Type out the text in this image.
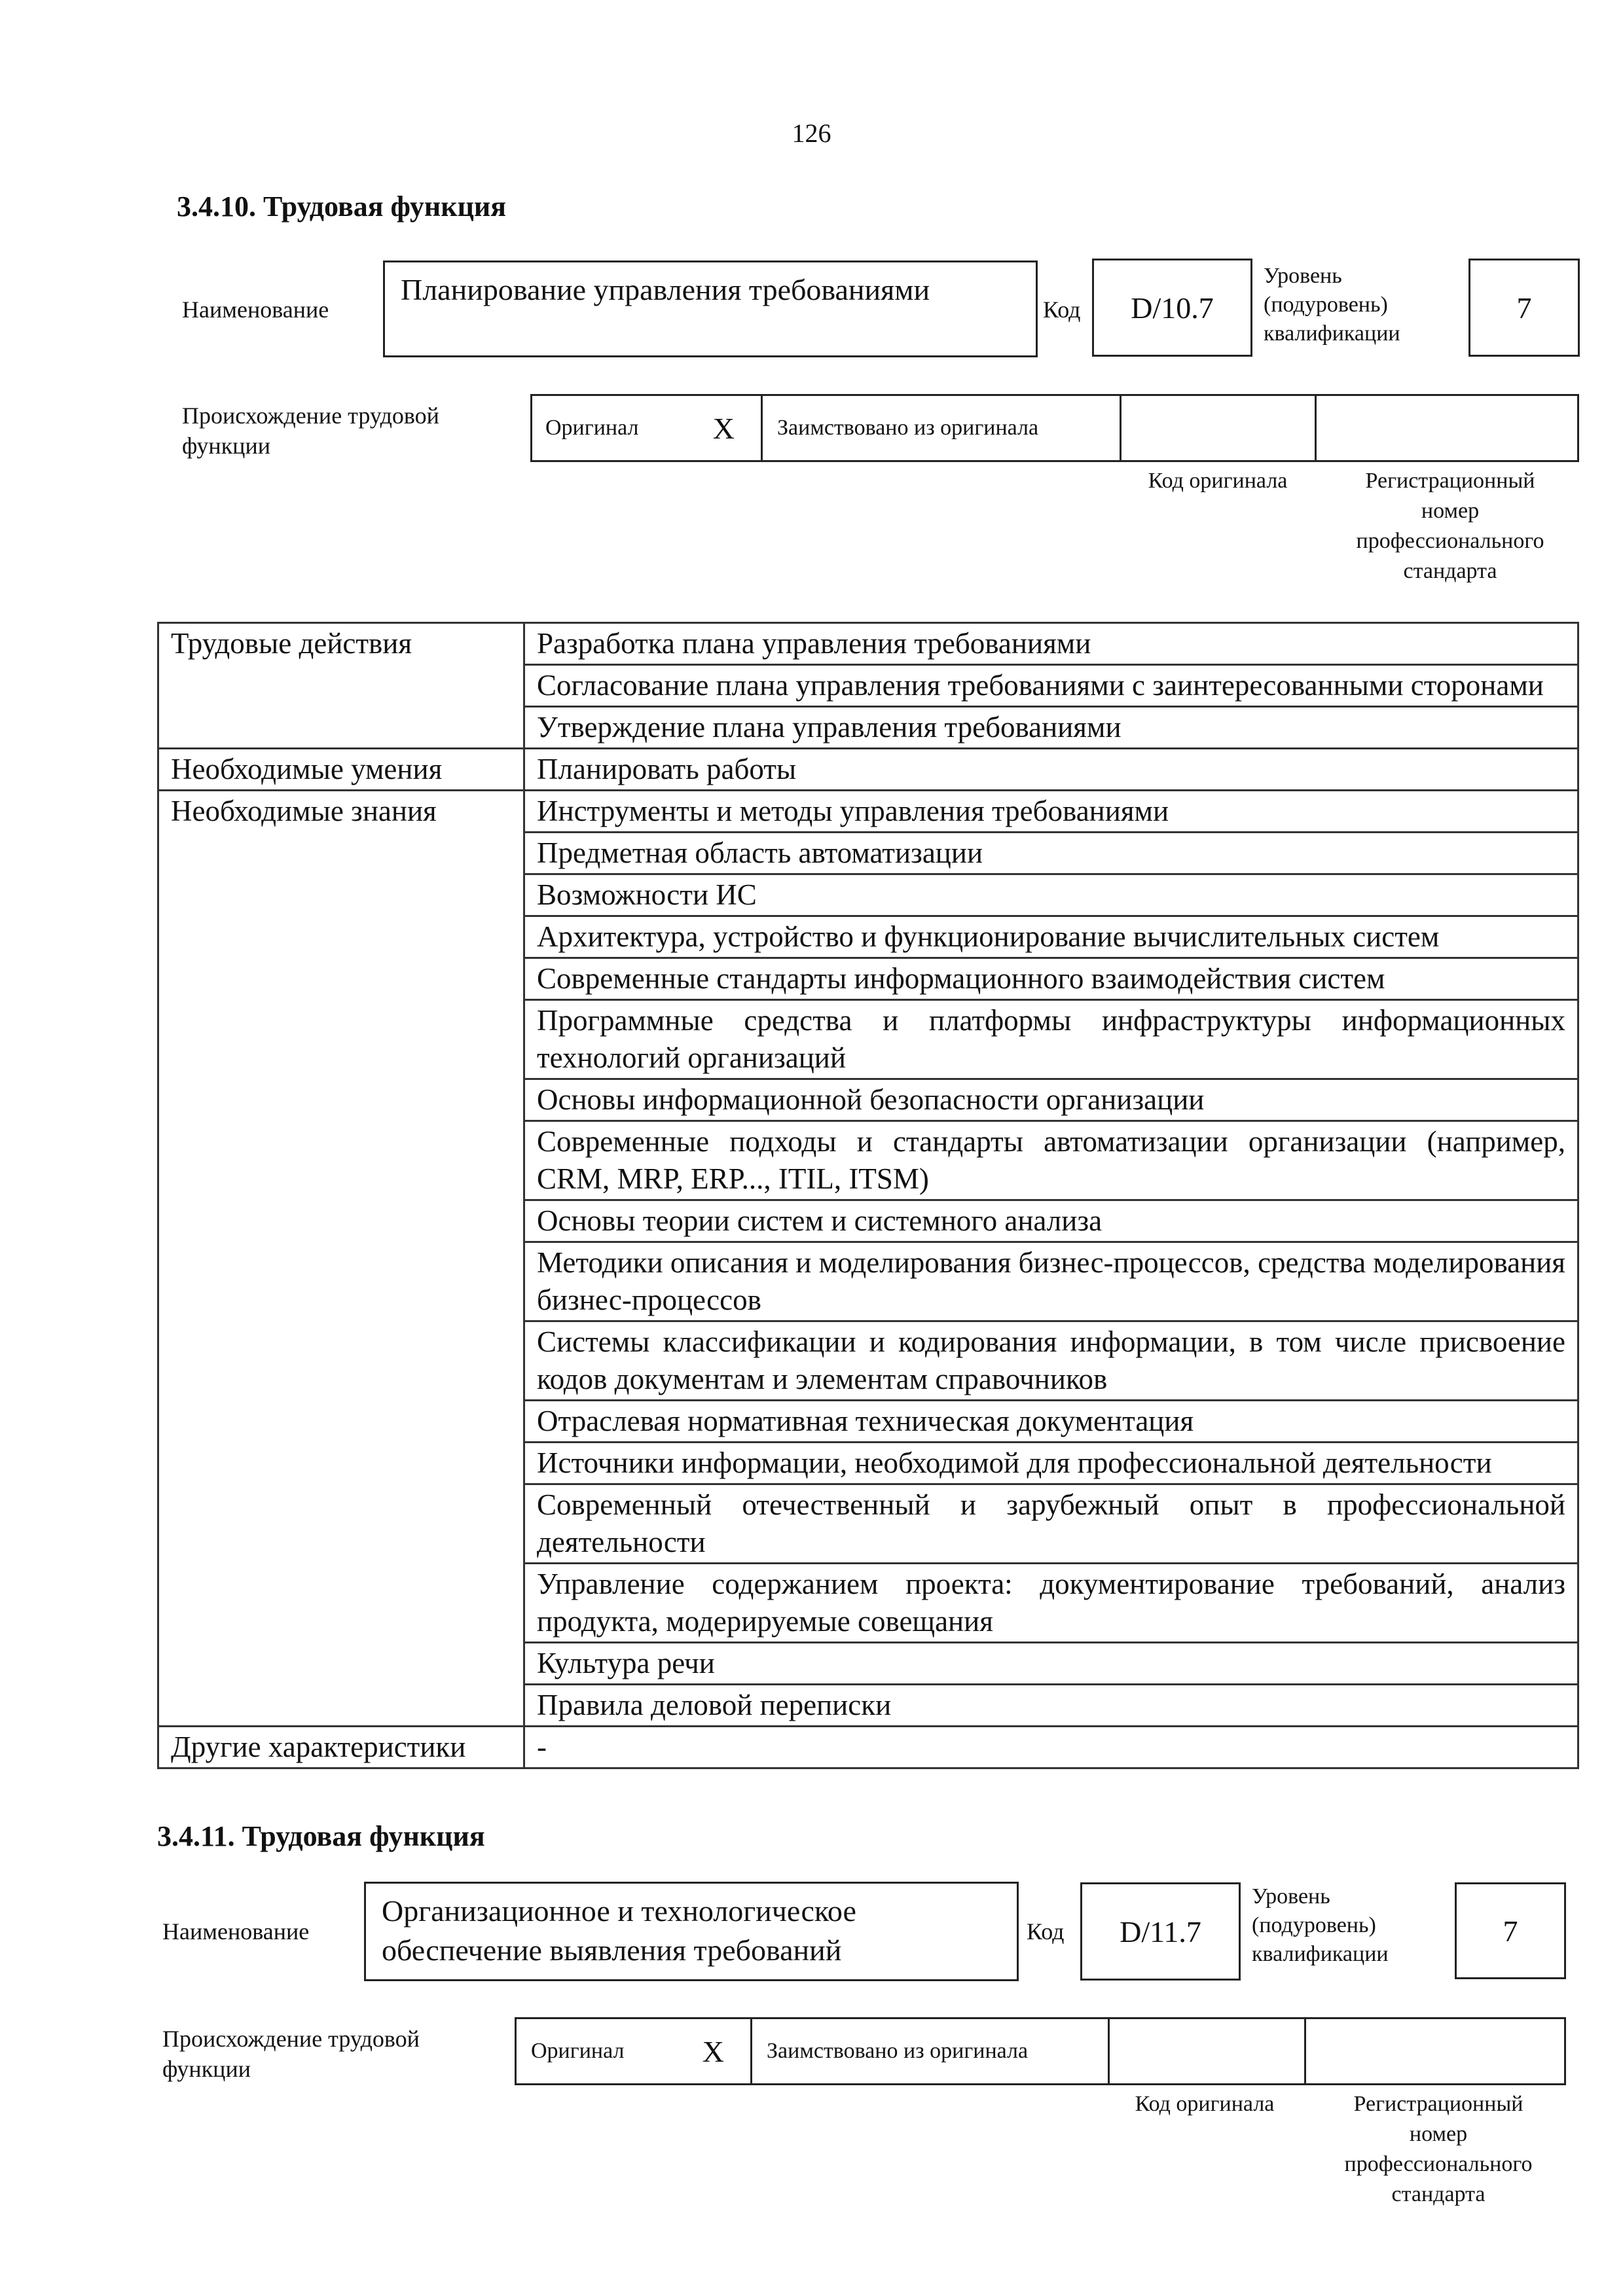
126
3.4.10. Трудовая функция
Наименование
Планирование управления требованиями
Код	D/10.7
Уровень (подуровень) квалификации
7
Происхождение трудовой функции
Оригинал X	Заимствовано из оригинала
Код оригинала	Регистрационный номер профессионального стандарта
Трудовые действия	Разработка плана управления требованиями
	Согласование плана управления требованиями с заинтересованными сторонами
	Утверждение плана управления требованиями
Необходимые умения	Планировать работы
Необходимые знания	Инструменты и методы управления требованиями
	Предметная область автоматизации
	Возможности ИС
	Архитектура, устройство и функционирование вычислительных систем
	Современные стандарты информационного взаимодействия систем
	Программные средства и платформы инфраструктуры информационных технологий организаций
	Основы информационной безопасности организации
	Современные подходы и стандарты автоматизации организации (например, CRM, MRP, ERP..., ITIL, ITSM)
	Основы теории систем и системного анализа
	Методики описания и моделирования бизнес-процессов, средства моделирования бизнес-процессов
	Системы классификации и кодирования информации, в том числе присвоение кодов документам и элементам справочников
	Отраслевая нормативная техническая документация
	Источники информации, необходимой для профессиональной деятельности
	Современный отечественный и зарубежный опыт в профессиональной деятельности
	Управление содержанием проекта: документирование требований, анализ продукта, модерируемые совещания
	Культура речи
	Правила деловой переписки
Другие характеристики	-
3.4.11. Трудовая функция
Наименование
Организационное и технологическое обеспечение выявления требований
Код	D/11.7
Уровень (подуровень) квалификации
7
Происхождение трудовой функции
Оригинал	X	Заимствовано из оригинала
Код оригинала	Регистрационный номер профессионального стандарта
